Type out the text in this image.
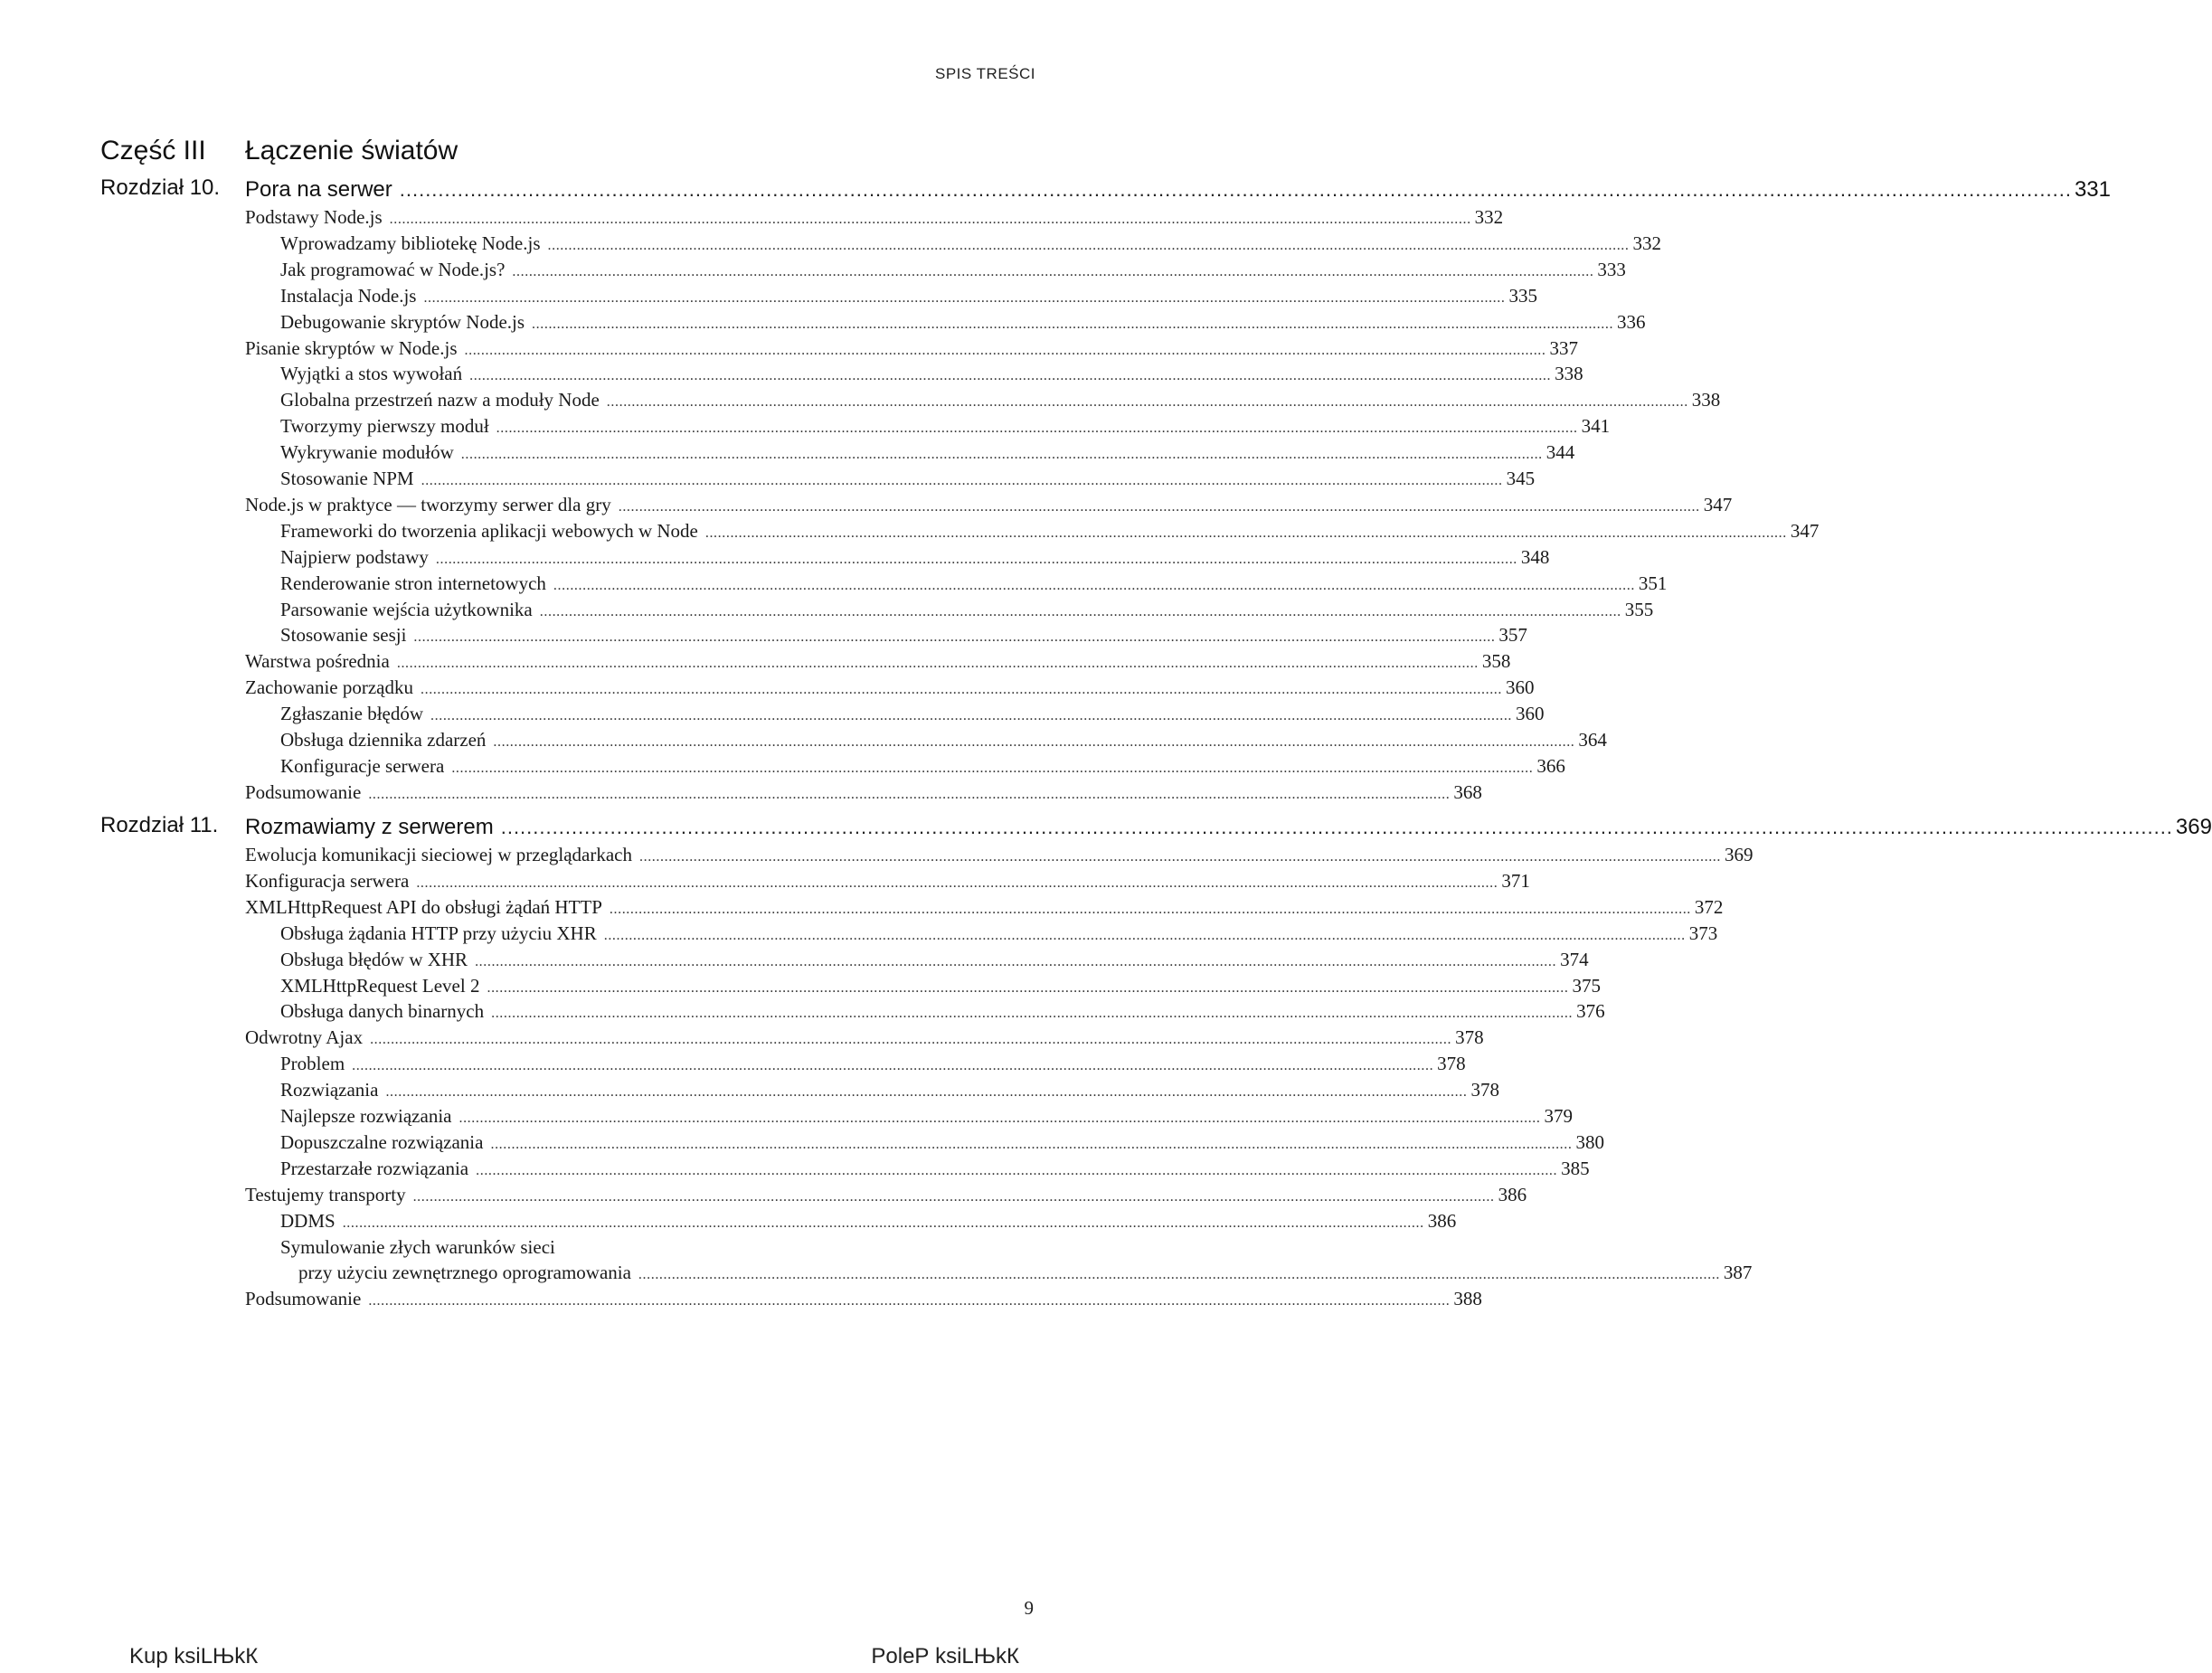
SPIS TREŚCI
Część III Łączenie światów
Rozdział 10. Pora na serwer .................................................................................................................................................................................................................................................................... 331
Podstawy Node.js .................................................................................................................................................................................................................................................................... 332
Wprowadzamy bibliotekę Node.js .................................................................................................................................................................................................................................................................... 332
Jak programować w Node.js? .................................................................................................................................................................................................................................................................... 333
Instalacja Node.js .................................................................................................................................................................................................................................................................... 335
Debugowanie skryptów Node.js .................................................................................................................................................................................................................................................................... 336
Pisanie skryptów w Node.js .................................................................................................................................................................................................................................................................... 337
Wyjątki a stos wywołań .................................................................................................................................................................................................................................................................... 338
Globalna przestrzeń nazw a moduły Node .................................................................................................................................................................................................................................................................... 338
Tworzymy pierwszy moduł .................................................................................................................................................................................................................................................................... 341
Wykrywanie modułów .................................................................................................................................................................................................................................................................... 344
Stosowanie NPM .................................................................................................................................................................................................................................................................... 345
Node.js w praktyce — tworzymy serwer dla gry .................................................................................................................................................................................................................................................................... 347
Frameworki do tworzenia aplikacji webowych w Node .................................................................................................................................................................................................................................................................... 347
Najpierw podstawy .................................................................................................................................................................................................................................................................... 348
Renderowanie stron internetowych .................................................................................................................................................................................................................................................................... 351
Parsowanie wejścia użytkownika .................................................................................................................................................................................................................................................................... 355
Stosowanie sesji .................................................................................................................................................................................................................................................................... 357
Warstwa pośrednia .................................................................................................................................................................................................................................................................... 358
Zachowanie porządku .................................................................................................................................................................................................................................................................... 360
Zgłaszanie błędów .................................................................................................................................................................................................................................................................... 360
Obsługa dziennika zdarzeń .................................................................................................................................................................................................................................................................... 364
Konfiguracje serwera .................................................................................................................................................................................................................................................................... 366
Podsumowanie .................................................................................................................................................................................................................................................................... 368
Rozdział 11. Rozmawiamy z serwerem .................................................................................................................................................................................................................................................................... 369
Ewolucja komunikacji sieciowej w przeglądarkach .................................................................................................................................................................................................................................................................... 369
Konfiguracja serwera .................................................................................................................................................................................................................................................................... 371
XMLHttpRequest API do obsługi żądań HTTP .................................................................................................................................................................................................................................................................... 372
Obsługa żądania HTTP przy użyciu XHR .................................................................................................................................................................................................................................................................... 373
Obsługa błędów w XHR .................................................................................................................................................................................................................................................................... 374
XMLHttpRequest Level 2 .................................................................................................................................................................................................................................................................... 375
Obsługa danych binarnych .................................................................................................................................................................................................................................................................... 376
Odwrotny Ajax .................................................................................................................................................................................................................................................................... 378
Problem .................................................................................................................................................................................................................................................................... 378
Rozwiązania .................................................................................................................................................................................................................................................................... 378
Najlepsze rozwiązania .................................................................................................................................................................................................................................................................... 379
Dopuszczalne rozwiązania .................................................................................................................................................................................................................................................................... 380
Przestarzałe rozwiązania .................................................................................................................................................................................................................................................................... 385
Testujemy transporty .................................................................................................................................................................................................................................................................... 386
DDMS .................................................................................................................................................................................................................................................................... 386
Symulowanie złych warunków sieci
przy użyciu zewnętrznego oprogramowania .................................................................................................................................................................................................................................................................... 387
Podsumowanie .................................................................................................................................................................................................................................................................... 388
9
Kup ksiLЊkК	PoleР ksiLЊkК
